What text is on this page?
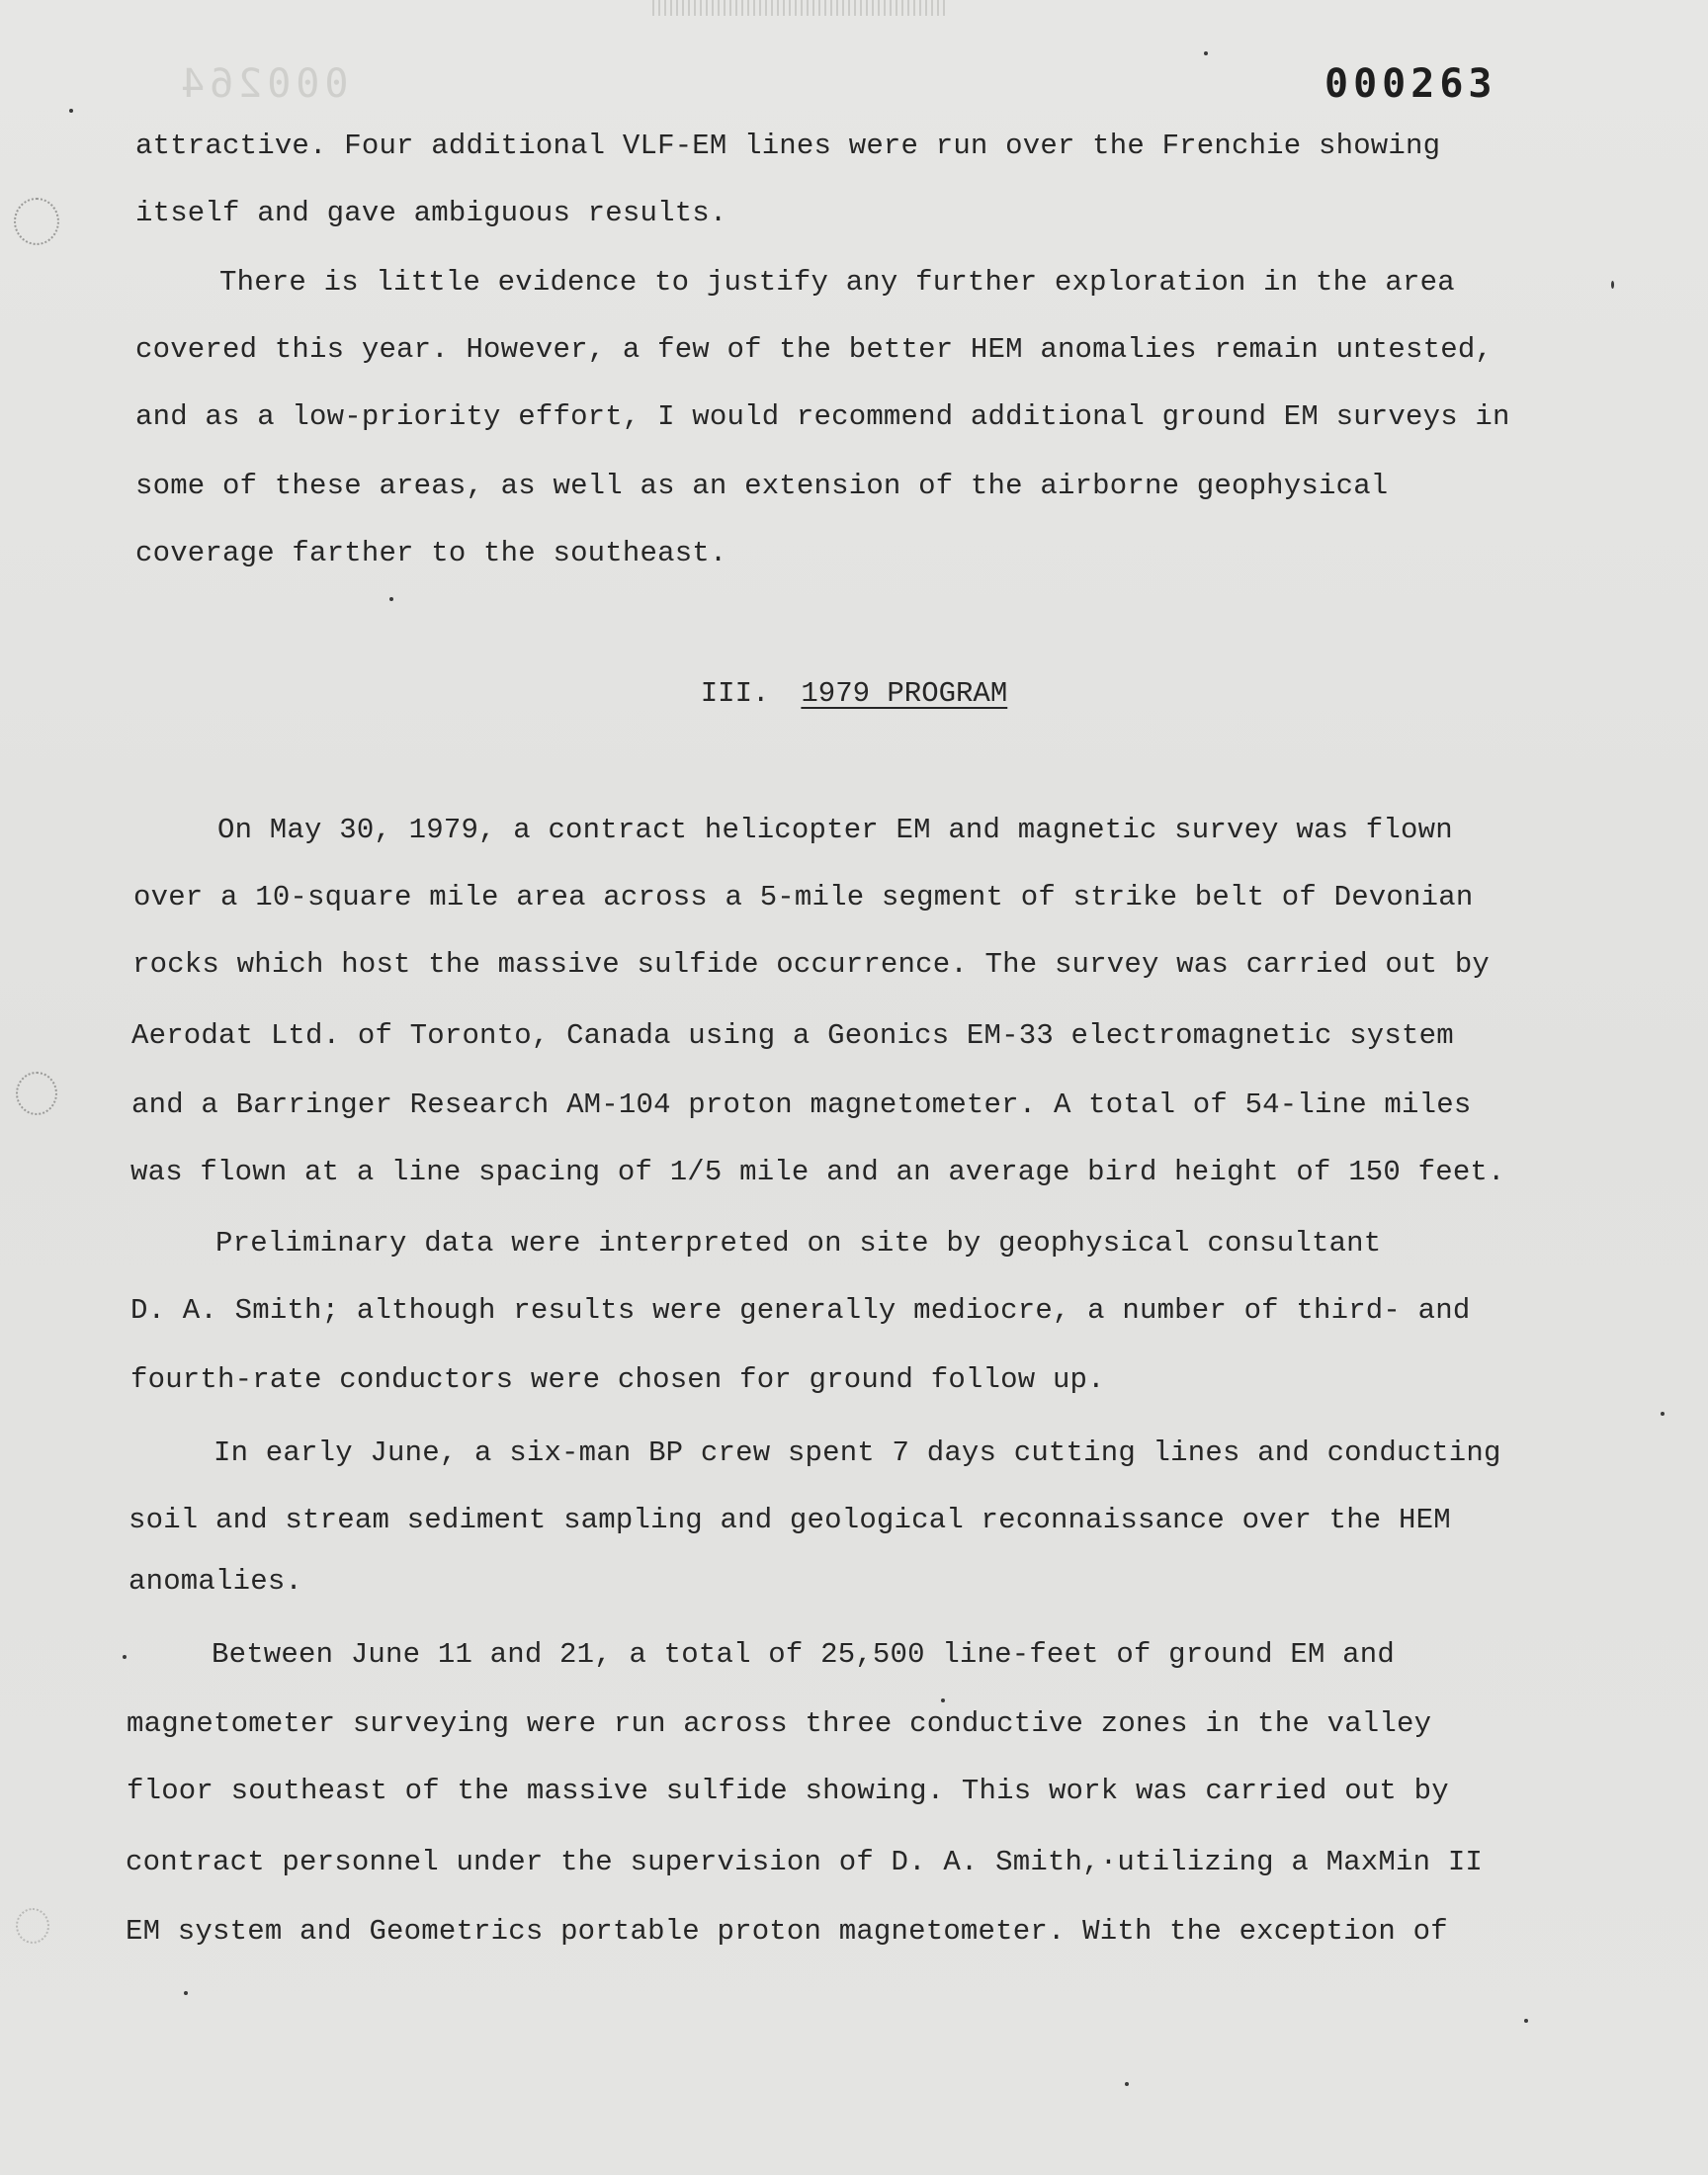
000264	000263
attractive. Four additional VLF-EM lines were run over the Frenchie showing
itself and gave ambiguous results.
There is little evidence to justify any further exploration in the area
covered this year. However, a few of the better HEM anomalies remain untested,
and as a low-priority effort, I would recommend additional ground EM surveys in
some of these areas, as well as an extension of the airborne geophysical
coverage farther to the southeast.
III. 1979 PROGRAM
On May 30, 1979, a contract helicopter EM and magnetic survey was flown
over a 10-square mile area across a 5-mile segment of strike belt of Devonian
rocks which host the massive sulfide occurrence. The survey was carried out by
Aerodat Ltd. of Toronto, Canada using a Geonics EM-33 electromagnetic system
and a Barringer Research AM-104 proton magnetometer. A total of 54-line miles
was flown at a line spacing of 1/5 mile and an average bird height of 150 feet.
Preliminary data were interpreted on site by geophysical consultant
D. A. Smith; although results were generally mediocre, a number of third- and
fourth-rate conductors were chosen for ground follow up.
In early June, a six-man BP crew spent 7 days cutting lines and conducting
soil and stream sediment sampling and geological reconnaissance over the HEM
anomalies.
Between June 11 and 21, a total of 25,500 line-feet of ground EM and
magnetometer surveying were run across three conductive zones in the valley
floor southeast of the massive sulfide showing. This work was carried out by
contract personnel under the supervision of D. A. Smith,·utilizing a MaxMin II
EM system and Geometrics portable proton magnetometer. With the exception of
